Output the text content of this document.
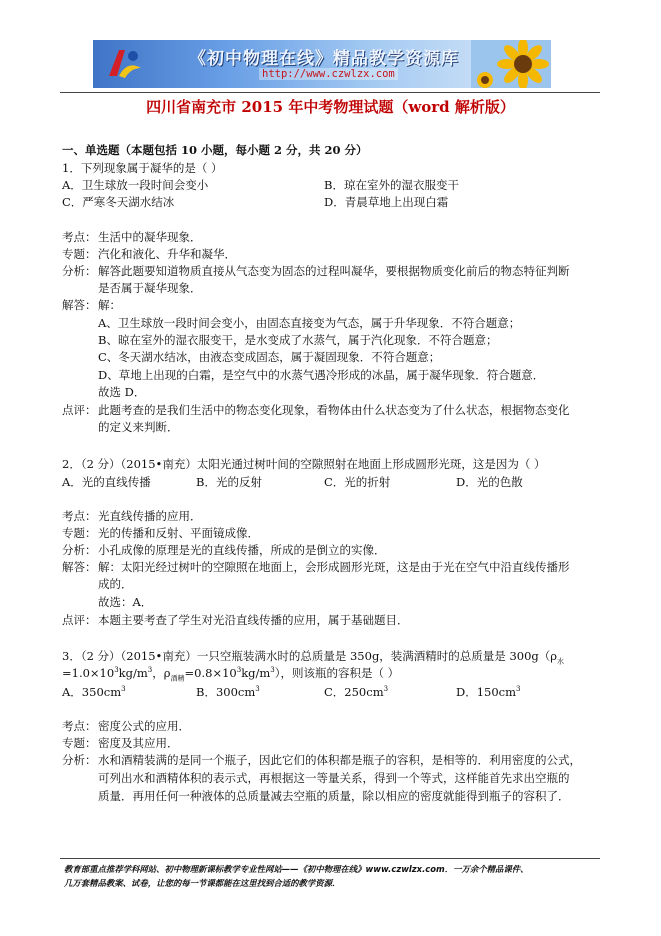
《初中物理在线》精品教学资源库
http://www.czwlzx.com
四川省南充市 2015 年中考物理试题（word 解析版）
一、单选题（本题包括 10 小题，每小题 2 分，共 20 分）
1．下列现象属于凝华的是（ ）
A．卫生球放一段时间会变小	B．琼在室外的湿衣服变干
C．严寒冬天湖水结冰	D．青晨草地上出现白霜
考点： 生活中的凝华现象．
专题： 汽化和液化、升华和凝华．
分析： 解答此题要知道物质直接从气态变为固态的过程叫凝华，要根据物质变化前后的物态特征判断
是否属于凝华现象．
解答： 解：
A、卫生球放一段时间会变小，由固态直接变为气态，属于升华现象．不符合题意；
B、晾在室外的湿衣服变干，是水变成了水蒸气，属于汽化现象．不符合题意；
C、冬天湖水结冰，由液态变成固态，属于凝固现象．不符合题意；
D、草地上出现的白霜，是空气中的水蒸气遇冷形成的冰晶，属于凝华现象．符合题意．
故选 D．
点评： 此题考查的是我们生活中的物态变化现象，看物体由什么状态变为了什么状态，根据物态变化
的定义来判断．
2．（2 分）（2015•南充）太阳光通过树叶间的空隙照射在地面上形成圆形光斑，这是因为（ ）
A．光的直线传播	B．光的反射	C．光的折射	D．光的色散
考点： 光直线传播的应用．
专题： 光的传播和反射、平面镜成像．
分析： 小孔成像的原理是光的直线传播，所成的是倒立的实像．
解答： 解：太阳光经过树叶的空隙照在地面上，会形成圆形光斑，这是由于光在空气中沿直线传播形
成的．
故选：A．
点评： 本题主要考查了学生对光沿直线传播的应用，属于基础题目．
3．（2 分）（2015•南充）一只空瓶装满水时的总质量是 350g，装满酒精时的总质量是 $300g(\rho_水$
$=1.0\times 10^3kg/m^3$，$\rho_{酒精}=0.8\times 10^3kg/m^3$），则该瓶的容积是（ ）
A．$350cm^3$	B．$300cm^3$	C．$250cm^3$	D．$150cm^3$
考点： 密度公式的应用．
专题： 密度及其应用．
分析： 水和酒精装满的是同一个瓶子，因此它们的体积都是瓶子的容积，是相等的．利用密度的公式，
可列出水和酒精体积的表示式，再根据这一等量关系，得到一个等式，这样能首先求出空瓶的
质量．再用任何一种液体的总质量减去空瓶的质量，除以相应的密度就能得到瓶子的容积了．
教育部重点推荐学科网站、初中物理新课标教学专业性网站——《初中物理在线》www.czwlzx.com．一万余个精品课件、
几万套精品教案、试卷，让您的每一节课都能在这里找到合适的教学资源．
